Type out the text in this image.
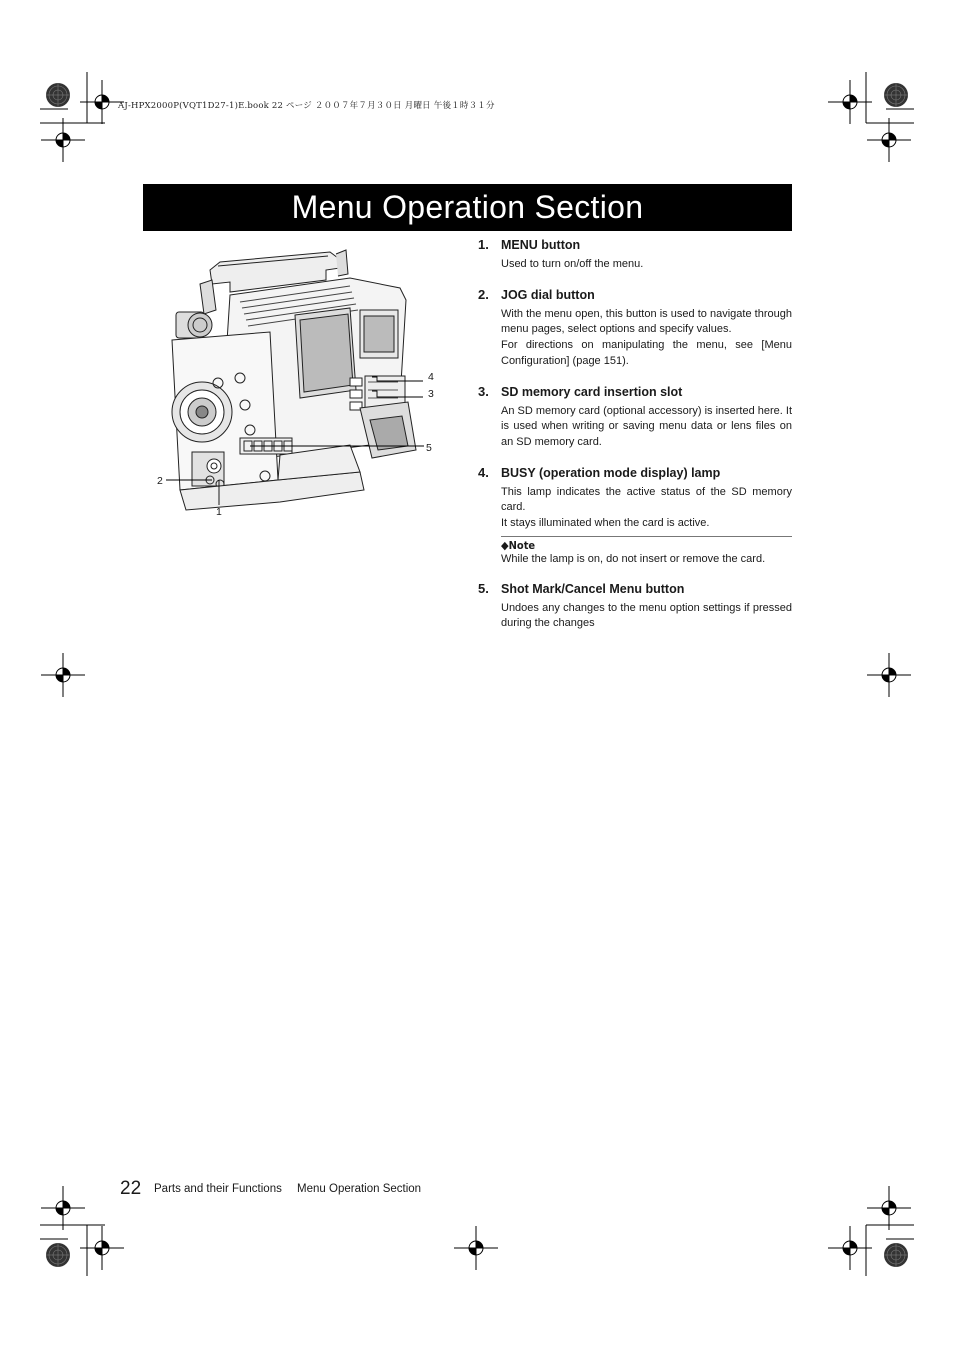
AJ-HPX2000P(VQT1D27-1)E.book 22 ページ ２００７年７月３０日 月曜日 午後１時３１分
Menu Operation Section
4
3
5
2
1
1. MENU button

Used to turn on/off the menu.

2. JOG dial button

With the menu open, this button is used to navigate through menu pages, select options and specify values.

For directions on manipulating the menu, see [Menu Configuration] (page 151).

3. SD memory card insertion slot

An SD memory card (optional accessory) is inserted here. It is used when writing or saving menu data or lens files on an SD memory card.

4. BUSY (operation mode display) lamp

This lamp indicates the active status of the SD memory card.

It stays illuminated when the card is active.

◆Note

While the lamp is on, do not insert or remove the card.

5. Shot Mark/Cancel Menu button

Undoes any changes to the menu option settings if pressed during the changes

22 Parts and their Functions Menu Operation Section
